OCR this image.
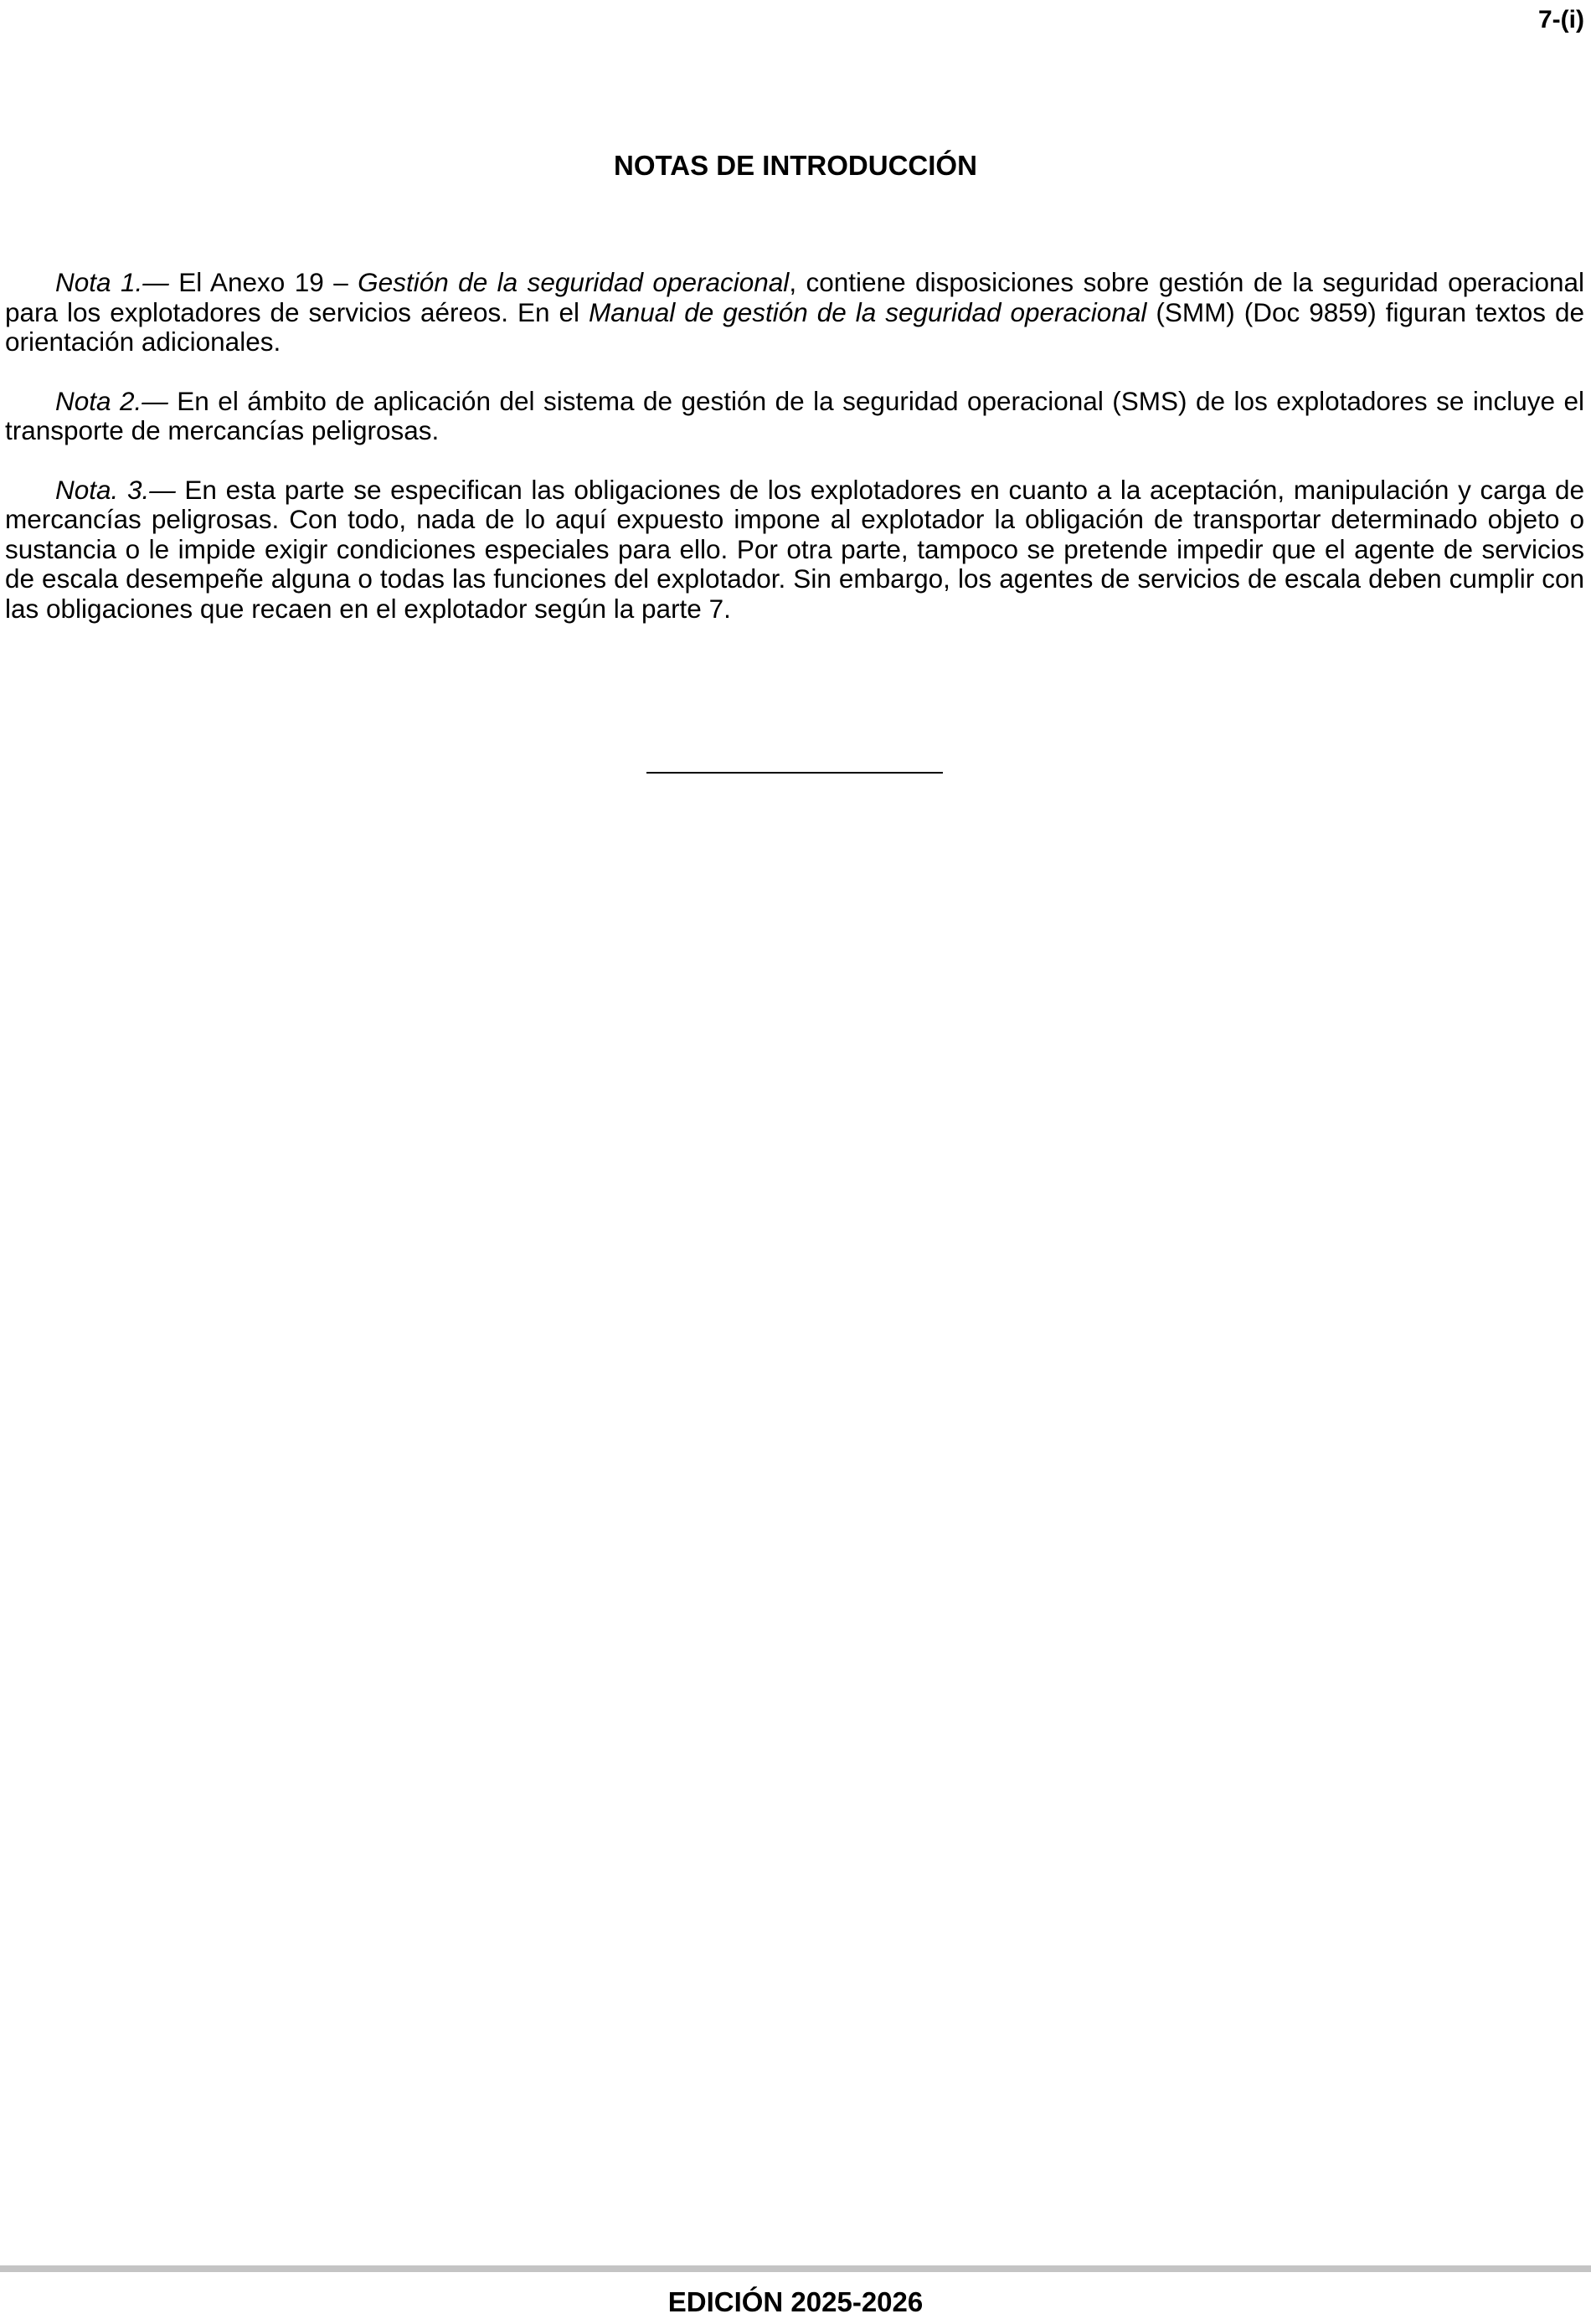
7-(i)
NOTAS DE INTRODUCCIÓN

Nota 1.— El Anexo 19 – Gestión de la seguridad operacional, contiene disposiciones sobre gestión de la seguridad operacional para los explotadores de servicios aéreos. En el Manual de gestión de la seguridad operacional (SMM) (Doc 9859) figuran textos de orientación adicionales.

Nota 2.— En el ámbito de aplicación del sistema de gestión de la seguridad operacional (SMS) de los explotadores se incluye el transporte de mercancías peligrosas.

Nota. 3.— En esta parte se especifican las obligaciones de los explotadores en cuanto a la aceptación, manipulación y carga de mercancías peligrosas. Con todo, nada de lo aquí expuesto impone al explotador la obligación de transportar determinado objeto o sustancia o le impide exigir condiciones especiales para ello. Por otra parte, tampoco se pretende impedir que el agente de servicios de escala desempeñe alguna o todas las funciones del explotador. Sin embargo, los agentes de servicios de escala deben cumplir con las obligaciones que recaen en el explotador según la parte 7.

EDICIÓN 2025-2026
